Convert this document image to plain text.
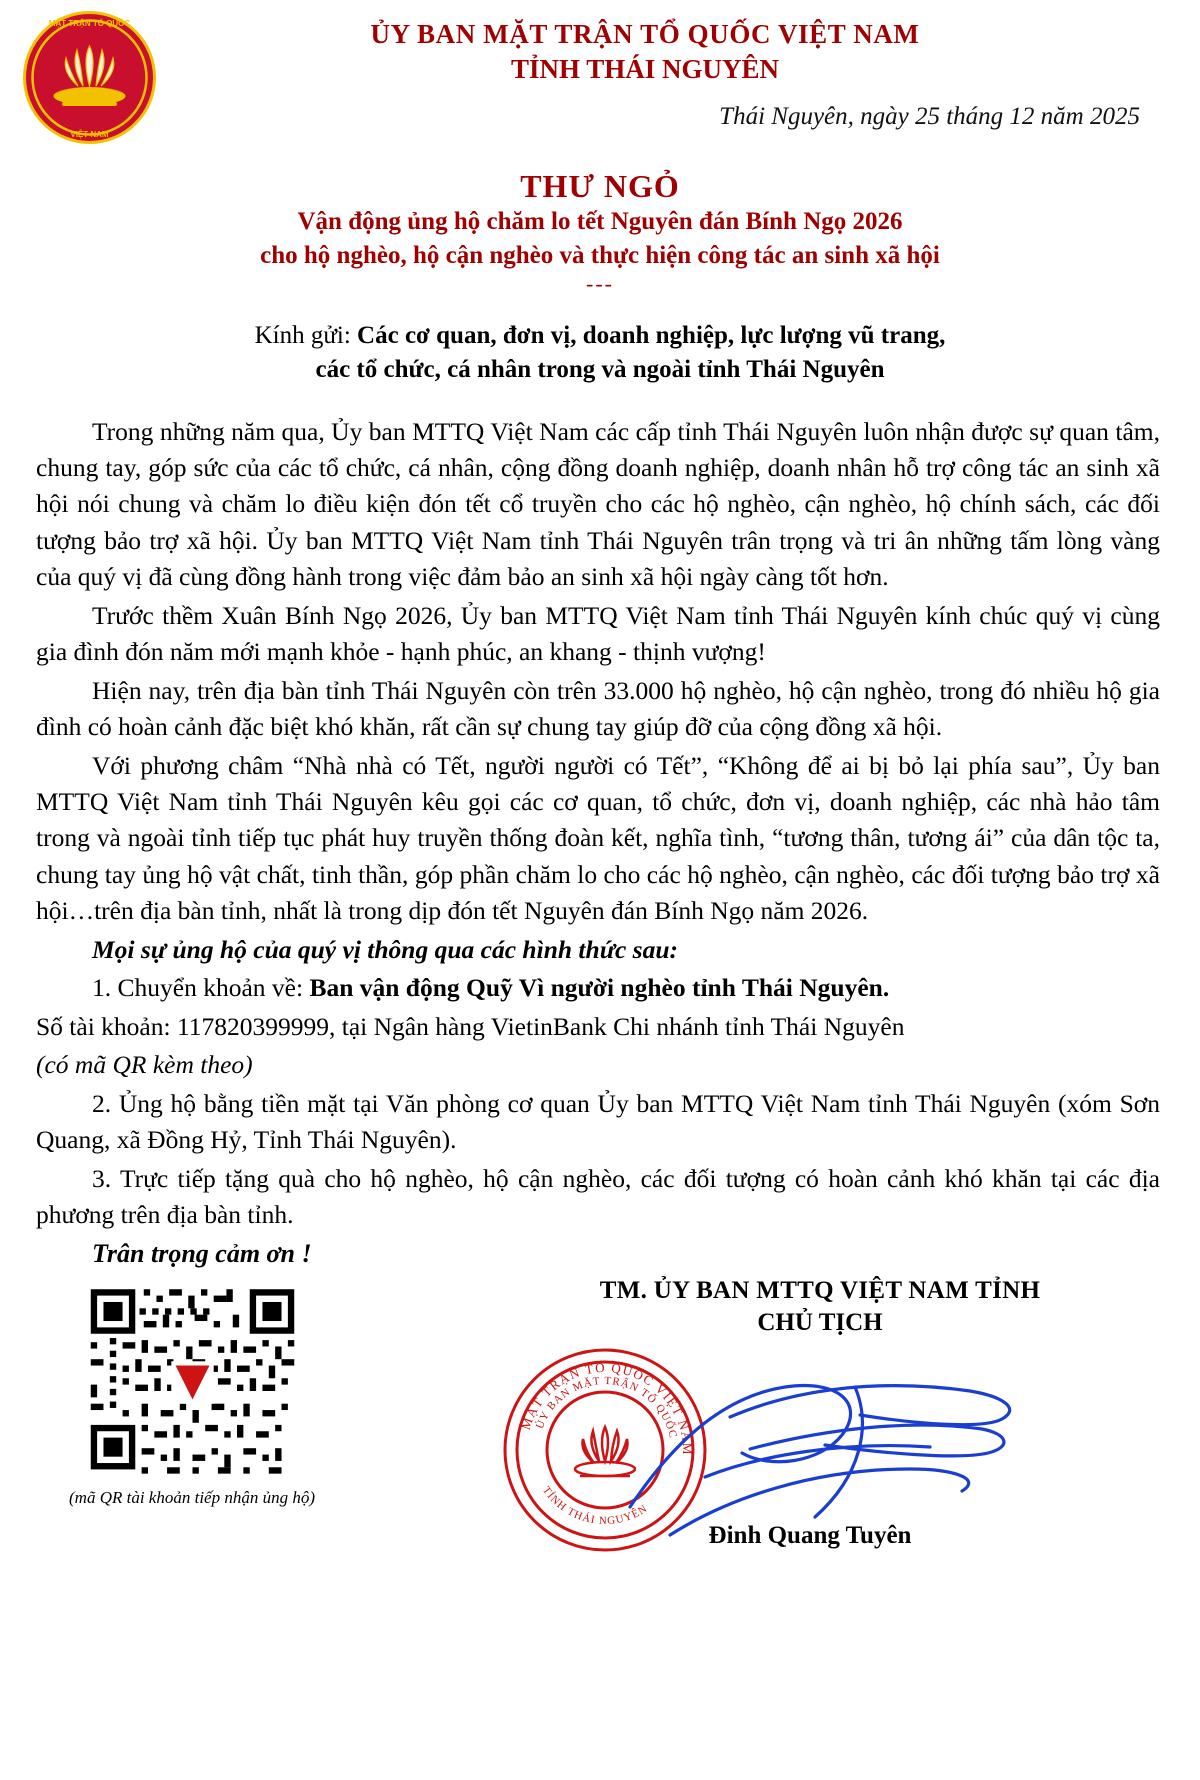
MẶT TRẬN TỔ QUỐC
VIỆT NAM
ỦY BAN MẶT TRẬN TỔ QUỐC VIỆT NAM
TỈNH THÁI NGUYÊN
Thái Nguyên, ngày 25 tháng 12 năm 2025
THƯ NGỎ
Vận động ủng hộ chăm lo tết Nguyên đán Bính Ngọ 2026
cho hộ nghèo, hộ cận nghèo và thực hiện công tác an sinh xã hội
---
Kính gửi: Các cơ quan, đơn vị, doanh nghiệp, lực lượng vũ trang,
các tổ chức, cá nhân trong và ngoài tỉnh Thái Nguyên

Trong những năm qua, Ủy ban MTTQ Việt Nam các cấp tỉnh Thái Nguyên luôn nhận được sự quan tâm, chung tay, góp sức của các tổ chức, cá nhân, cộng đồng doanh nghiệp, doanh nhân hỗ trợ công tác an sinh xã hội nói chung và chăm lo điều kiện đón tết cổ truyền cho các hộ nghèo, cận nghèo, hộ chính sách, các đối tượng bảo trợ xã hội. Ủy ban MTTQ Việt Nam tỉnh Thái Nguyên trân trọng và tri ân những tấm lòng vàng của quý vị đã cùng đồng hành trong việc đảm bảo an sinh xã hội ngày càng tốt hơn.

Trước thềm Xuân Bính Ngọ 2026, Ủy ban MTTQ Việt Nam tỉnh Thái Nguyên kính chúc quý vị cùng gia đình đón năm mới mạnh khỏe - hạnh phúc, an khang - thịnh vượng!

Hiện nay, trên địa bàn tỉnh Thái Nguyên còn trên 33.000 hộ nghèo, hộ cận nghèo, trong đó nhiều hộ gia đình có hoàn cảnh đặc biệt khó khăn, rất cần sự chung tay giúp đỡ của cộng đồng xã hội.

Với phương châm “Nhà nhà có Tết, người người có Tết”, “Không để ai bị bỏ lại phía sau”, Ủy ban MTTQ Việt Nam tỉnh Thái Nguyên kêu gọi các cơ quan, tổ chức, đơn vị, doanh nghiệp, các nhà hảo tâm trong và ngoài tỉnh tiếp tục phát huy truyền thống đoàn kết, nghĩa tình, “tương thân, tương ái” của dân tộc ta, chung tay ủng hộ vật chất, tinh thần, góp phần chăm lo cho các hộ nghèo, cận nghèo, các đối tượng bảo trợ xã hội…trên địa bàn tỉnh, nhất là trong dịp đón tết Nguyên đán Bính Ngọ năm 2026.

Mọi sự ủng hộ của quý vị thông qua các hình thức sau:

1. Chuyển khoản về: Ban vận động Quỹ Vì người nghèo tỉnh Thái Nguyên.

Số tài khoản: 117820399999, tại Ngân hàng VietinBank Chi nhánh tỉnh Thái Nguyên

(có mã QR kèm theo)

2. Ủng hộ bằng tiền mặt tại Văn phòng cơ quan Ủy ban MTTQ Việt Nam tỉnh Thái Nguyên (xóm Sơn Quang, xã Đồng Hỷ, Tỉnh Thái Nguyên).

3. Trực tiếp tặng quà cho hộ nghèo, hộ cận nghèo, các đối tượng có hoàn cảnh khó khăn tại các địa phương trên địa bàn tỉnh.

Trân trọng cảm ơn !

(mã QR tài khoản tiếp nhận ủng hộ)
TM. ỦY BAN MTTQ VIỆT NAM TỈNH
CHỦ TỊCH
MẶT TRẬN TỔ QUỐC VIỆT NAM
ỦY BAN MẶT TRẬN TỔ QUỐC
TỈNH THÁI NGUYÊN
Đinh Quang Tuyên
